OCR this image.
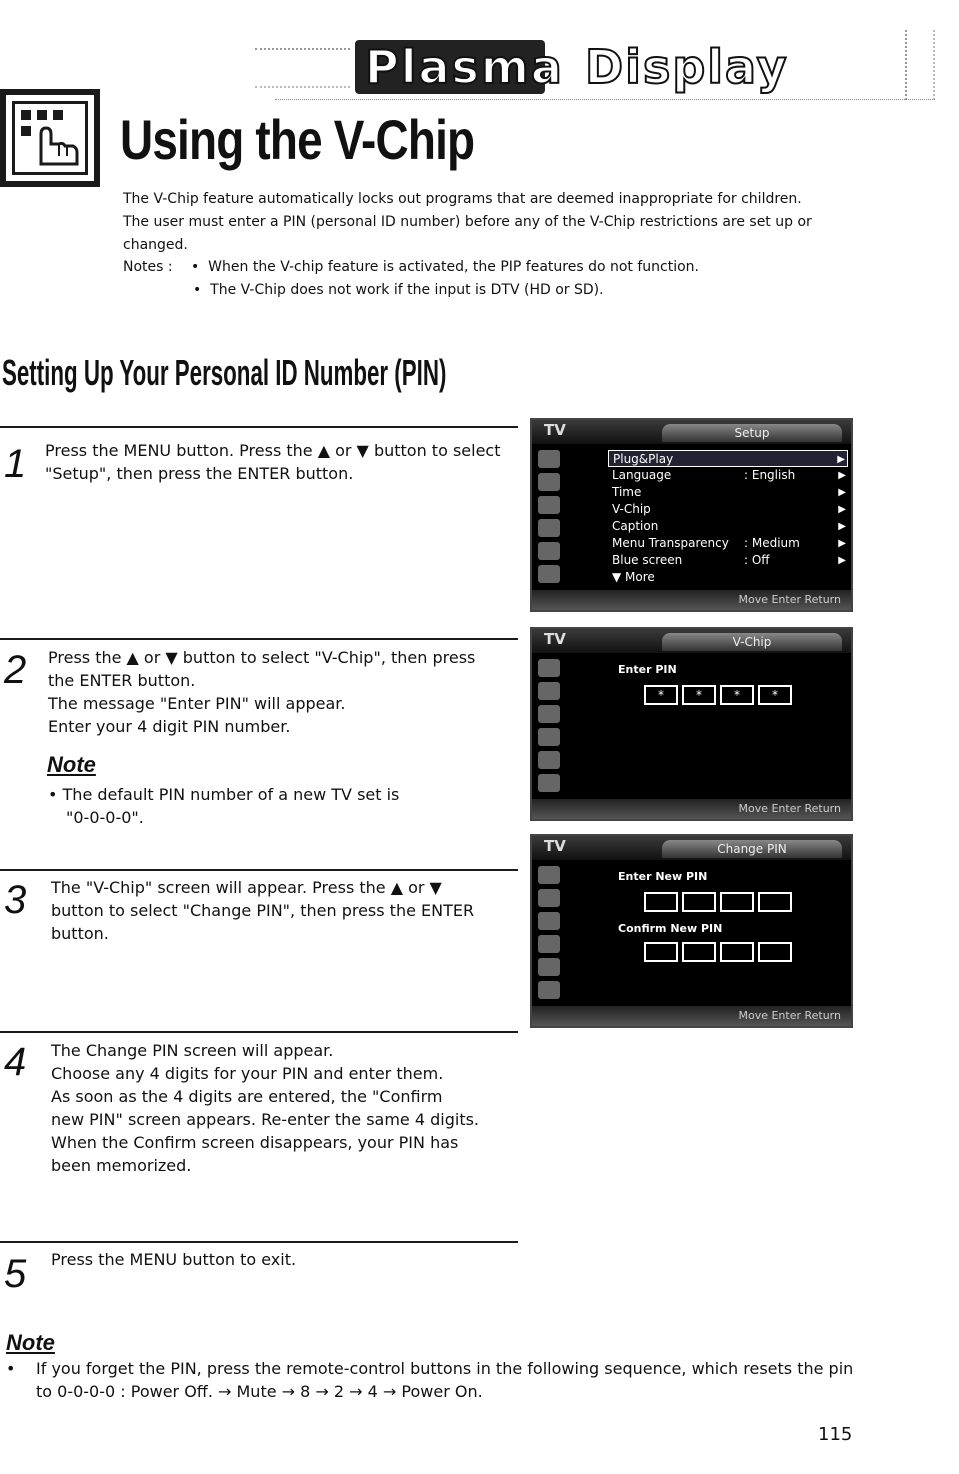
Plasma Display
Using the V-Chip

The V-Chip feature automatically locks out programs that are deemed inappropriate for children.

The user must enter a PIN (personal ID number) before any of the V-Chip restrictions are set up or

changed.

Notes : •  When the V-chip feature is activated, the PIP features do not function.
•  The V-Chip does not work if the input is DTV (HD or SD).
Setting Up Your Personal ID Number (PIN)
1 Press the MENU button. Press the ▲ or ▼ button to select
"Setup", then press the ENTER button.
2 Press the ▲ or ▼ button to select "V-Chip", then press
the ENTER button.
The message "Enter PIN" will appear.
Enter your 4 digit PIN number.
Note
• The default PIN number of a new TV set is
"0-0-0-0".
3 The "V-Chip" screen will appear. Press the ▲ or ▼
button to select "Change PIN", then press the ENTER
button.
4 The Change PIN screen will appear.
Choose any 4 digits for your PIN and enter them.
As soon as the 4 digits are entered, the "Confirm
new PIN" screen appears. Re-enter the same 4 digits.
When the Confirm screen disappears, your PIN has
been memorized.
5 Press the MENU button to exit.
TV	Setup
Plug&Play	▶
Language	: English	▶
Time	▶
V-Chip	▶
Caption	▶
Menu Transparency : Medium	▶
Blue screen	: Off	▶
▼ More
Move Enter Return
TV	V-Chip
Enter PIN
*	*	*	*
Move Enter Return
TV	Change PIN
Enter New PIN
Confirm New PIN
Move Enter Return
Note
• If you forget the PIN, press the remote-control buttons in the following sequence, which resets the pin
to 0-0-0-0 : Power Off. → Mute → 8 → 2 → 4 → Power On.
115
